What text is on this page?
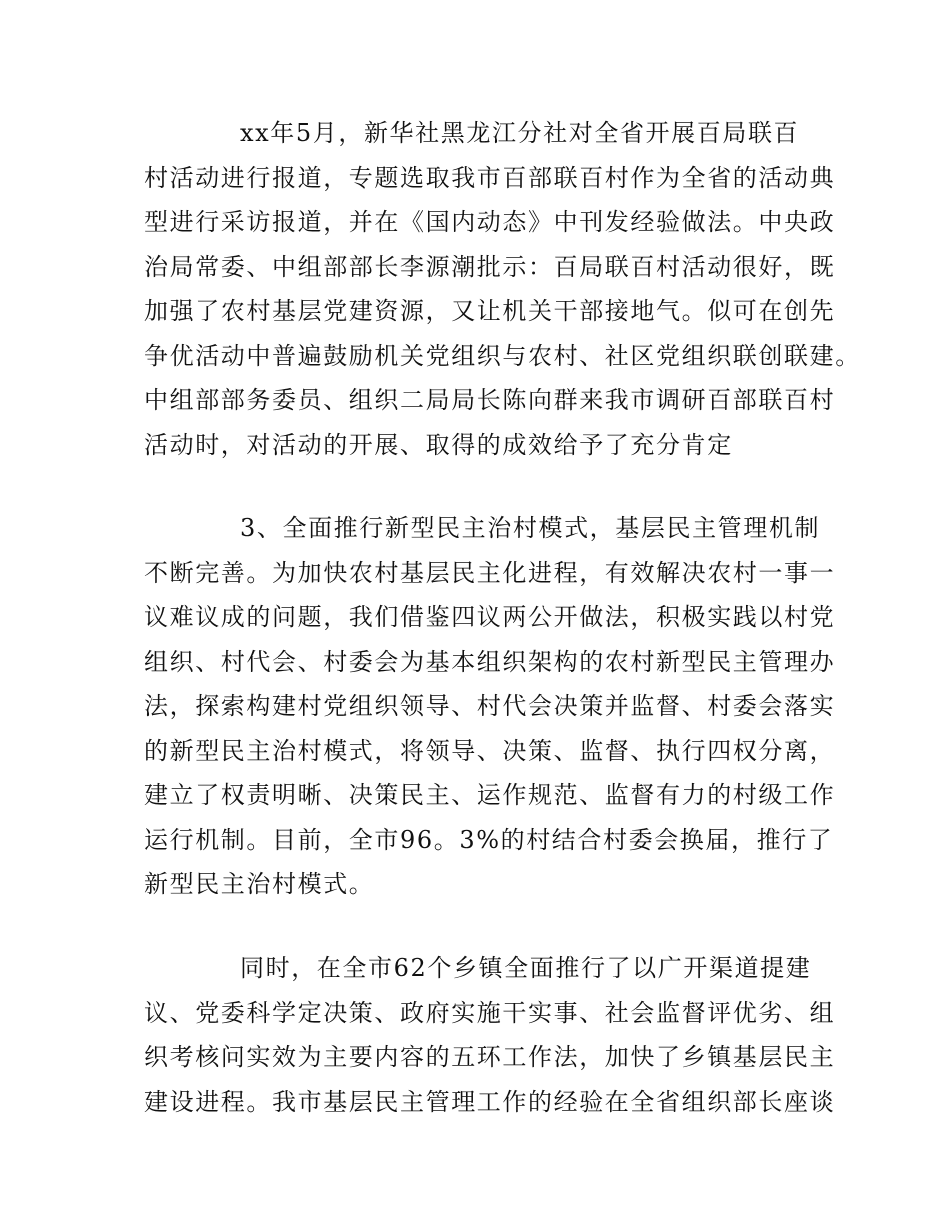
xx年5月，新华社黑龙江分社对全省开展百局联百
村活动进行报道，专题选取我市百部联百村作为全省的活动典
型进行采访报道，并在《国内动态》中刊发经验做法。中央政
治局常委、中组部部长李源潮批示：百局联百村活动很好，既
加强了农村基层党建资源，又让机关干部接地气。似可在创先
争优活动中普遍鼓励机关党组织与农村、社区党组织联创联建。
中组部部务委员、组织二局局长陈向群来我市调研百部联百村
活动时，对活动的开展、取得的成效给予了充分肯定
3、全面推行新型民主治村模式，基层民主管理机制
不断完善。为加快农村基层民主化进程，有效解决农村一事一
议难议成的问题，我们借鉴四议两公开做法，积极实践以村党
组织、村代会、村委会为基本组织架构的农村新型民主管理办
法，探索构建村党组织领导、村代会决策并监督、村委会落实
的新型民主治村模式，将领导、决策、监督、执行四权分离，
建立了权责明晰、决策民主、运作规范、监督有力的村级工作
运行机制。目前，全市96。3%的村结合村委会换届，推行了
新型民主治村模式。
同时，在全市62个乡镇全面推行了以广开渠道提建
议、党委科学定决策、政府实施干实事、社会监督评优劣、组
织考核问实效为主要内容的五环工作法，加快了乡镇基层民主
建设进程。我市基层民主管理工作的经验在全省组织部长座谈
